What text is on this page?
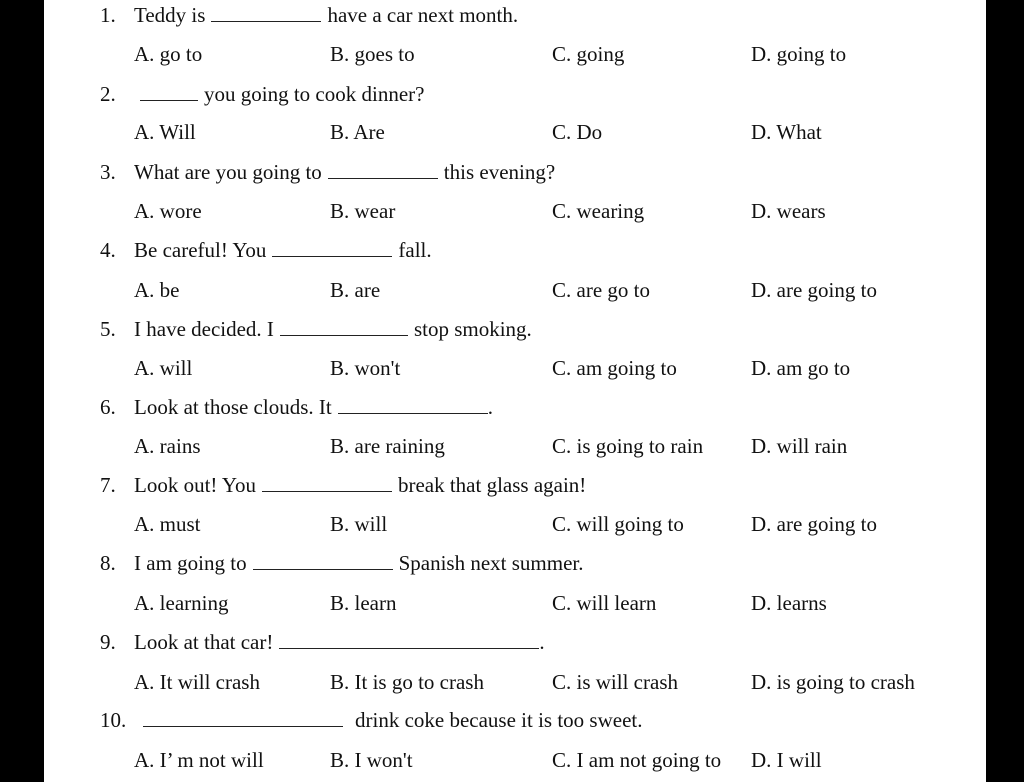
1. Teddy is	have a car next month.
A. go to	B. goes to	C. going	D. going to
2.	you going to cook dinner?
A. Will	B. Are	C. Do	D. What
3. What are you going to	this evening?
A. wore	B. wear	C. wearing	D. wears
4. Be careful! You	fall.
A. be	B. are	C. are go to	D. are going to
5. I have decided. I	stop smoking.
A. will	B. won't	C. am going to	D. am go to
6. Look at those clouds. It	.
A. rains	B. are raining	C. is going to rain D. will rain
7. Look out! You	break that glass again!
A. must	B. will	C. will going to	D. are going to
8. I am going to	Spanish next summer.
A. learning	B. learn	C. will learn	D. learns
9. Look at that car!	.
A. It will crash	B. It is go to crash	C. is will crash	D. is going to crash
10.	drink coke because it is too sweet.
A. I’ m not will	B. I won't	C. I am not going to D. I will
